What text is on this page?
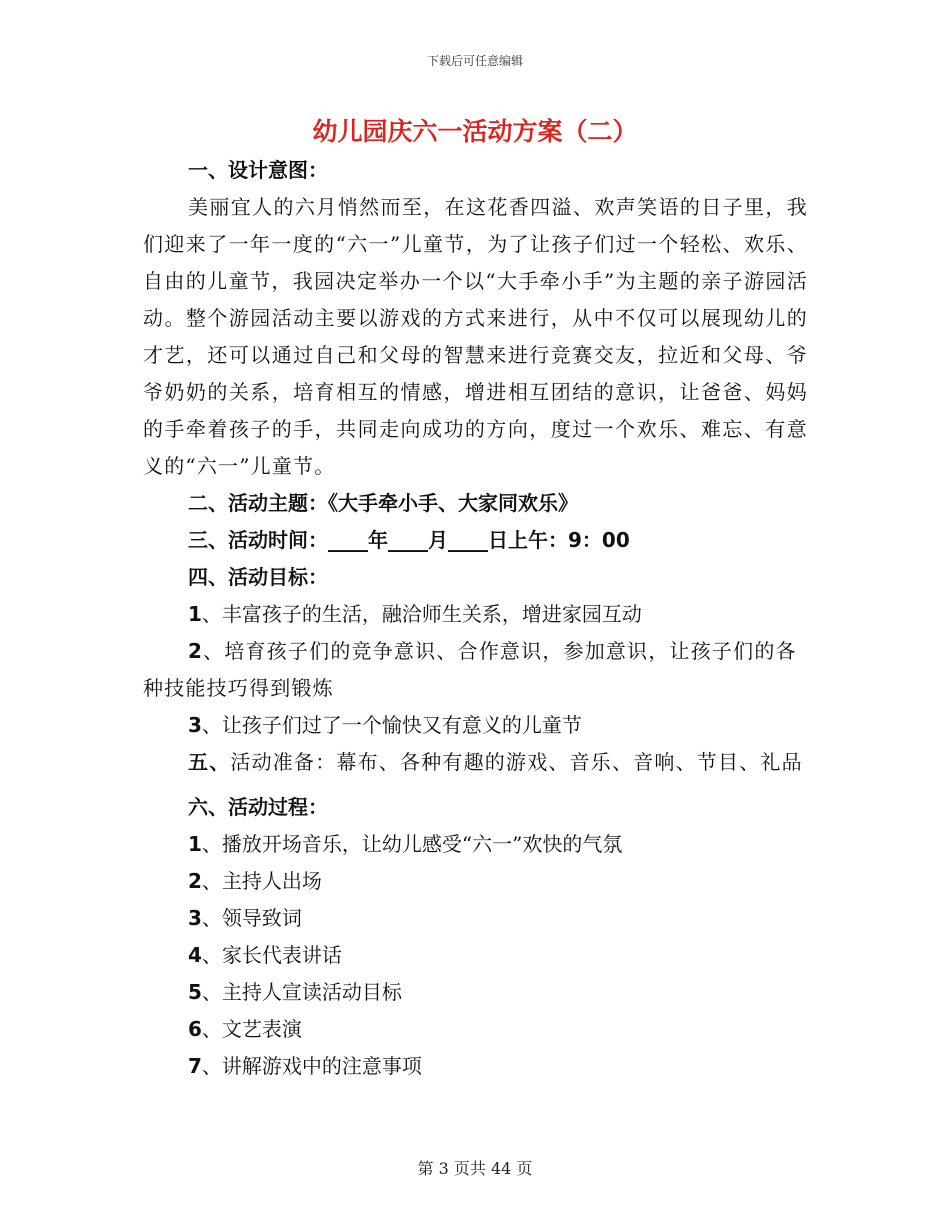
下载后可任意编辑
幼儿园庆六一活动方案（二）
一、设计意图：

美丽宜人的六月悄然而至，在这花香四溢、欢声笑语的日子里，我们迎来了一年一度的“六一”儿童节，为了让孩子们过一个轻松、欢乐、自由的儿童节，我园决定举办一个以“大手牵小手”为主题的亲子游园活动。整个游园活动主要以游戏的方式来进行，从中不仅可以展现幼儿的才艺，还可以通过自己和父母的智慧来进行竞赛交友，拉近和父母、爷爷奶奶的关系，培育相互的情感，增进相互团结的意识，让爸爸、妈妈的手牵着孩子的手，共同走向成功的方向，度过一个欢乐、难忘、有意义的“六一”儿童节。

二、活动主题：《大手牵小手、大家同欢乐》
三、活动时间：____年____月____日上午：9：00
四、活动目标：
1、丰富孩子的生活，融洽师生关系，增进家园互动

2、培育孩子们的竞争意识、合作意识，参加意识，让孩子们的各种技能技巧得到锻炼

3、让孩子们过了一个愉快又有意义的儿童节

五、活动准备：幕布、各种有趣的游戏、音乐、音响、节目、礼品

六、活动过程：
1、播放开场音乐，让幼儿感受“六一”欢快的气氛
2、主持人出场
3、领导致词
4、家长代表讲话
5、主持人宣读活动目标
6、文艺表演
7、讲解游戏中的注意事项
第 3 页共 44 页
